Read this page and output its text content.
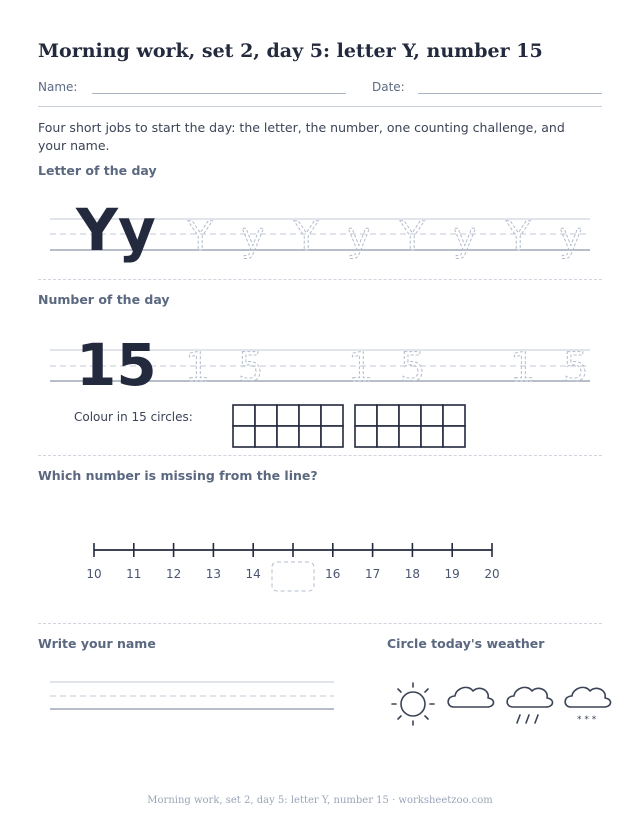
Morning work, set 2, day 5: letter Y, number 15
Name:	Date:
Four short jobs to start the day: the letter, the number, one counting challenge, and your name.
Letter of the day
Yy Y y Y y Y y Y y
Number of the day
15 1 5 1 5 1 5
Colour in 15 circles:
Which number is missing from the line?
10 11 12 13 14	16 17 18 19 20
Write your name	Circle today's weather
* * *
Morning work, set 2, day 5: letter Y, number 15 · worksheetzoo.com
